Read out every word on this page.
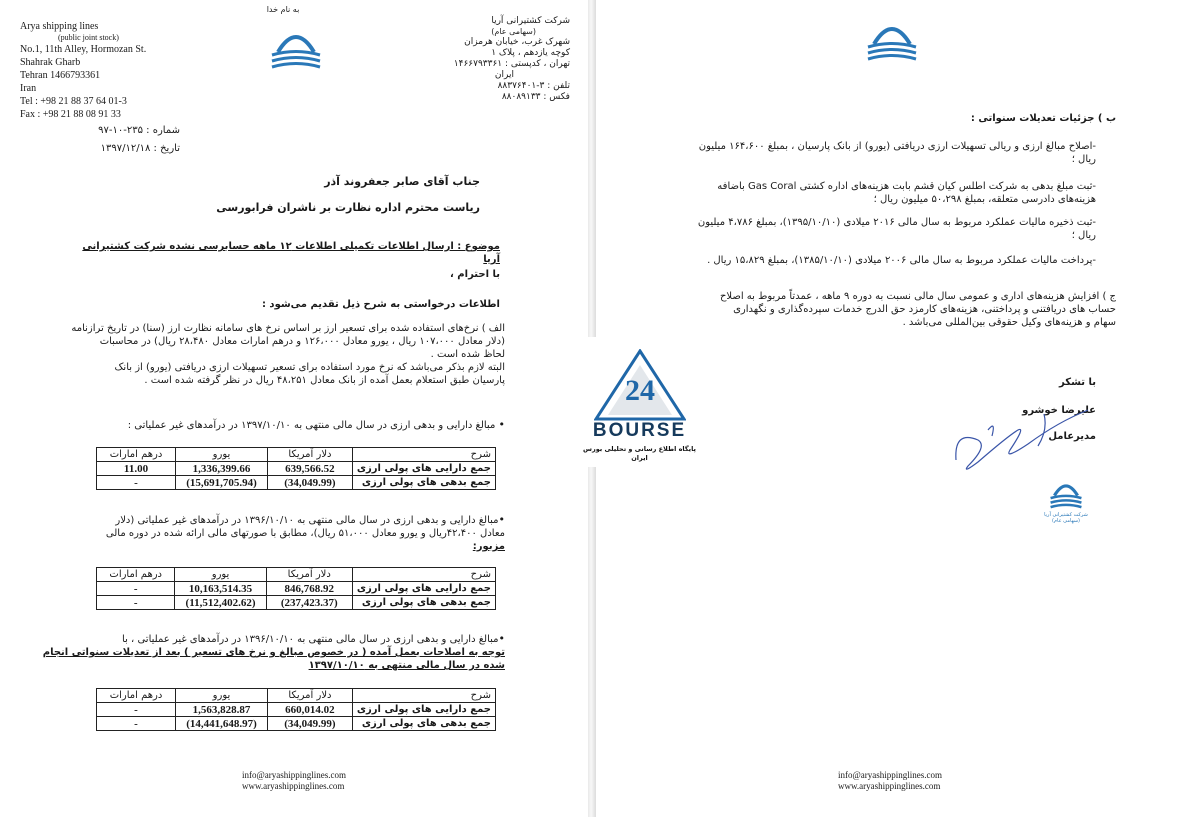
به نام خدا
Arya shipping lines
(public joint stock)
No.1, 11th Alley, Hormozan St.
Shahrak Gharb
Tehran 1466793361
Iran
Tel : +98 21 88 37 64 01-3
Fax : +98 21 88 08 91 33
شرکت کشتیرانی آریا
(سهامی عام)
شهرک غرب، خیابان هرمزان
کوچه یازدهم ، پلاک ۱
تهران ، کدپستی : ۱۴۶۶۷۹۳۳۶۱
ایران
تلفن : ۳-۸۸۳۷۶۴۰۱
فکس : ۸۸۰۸۹۱۳۳
شماره : ۲۳۵-۱۰-۹۷
تاریخ : ۱۳۹۷/۱۲/۱۸
جناب آقای صابر جعفروند آذر
ریاست محترم اداره نظارت بر ناشران فرابورسی
موضوع : ارسال اطلاعات تکمیلی اطلاعات ۱۲ ماهه حسابرسی نشده شرکت کشتیرانی آریا
با احترام ،
اطلاعات درخواستی به شرح ذیل تقدیم می‌شود :
الف ) نرخ‌های استفاده شده برای تسعیر ارز بر اساس نرخ های سامانه نظارت ارز (سنا) در تاریخ ترازنامه
(دلار معادل ۱۰۷،۰۰۰ ریال ، یورو معادل ۱۲۶،۰۰۰ و درهم امارات معادل ۲۸،۴۸۰ ریال) در محاسبات
لحاظ شده است .
البته لازم بذکر می‌باشد که نرخ مورد استفاده برای تسعیر تسهیلات ارزی دریافتی (یورو) از بانک
پارسیان طبق استعلام بعمل آمده از بانک معادل ۴۸،۲۵۱ ریال در نظر گرفته شده است .
• مبالغ دارایی و بدهی ارزی در سال مالی منتهی به ۱۳۹۷/۱۰/۱۰ در درآمدهای غیر عملیاتی :
درهم امارات	یورو	دلار آمریکا	شرح
11.00	1,336,399.66	639,566.52	جمع دارایی های پولی ارزی
-	(15,691,705.94)	(34,049.99)	جمع بدهی های پولی ارزی
•مبالغ دارایی و بدهی ارزی در سال مالی منتهی به ۱۳۹۶/۱۰/۱۰ در درآمدهای غیر عملیاتی (دلار
معادل ۴۲،۴۰۰ریال و یورو معادل ۵۱،۰۰۰ ریال)، مطابق با صورتهای مالی ارائه شده در دوره مالی
مزبور:
درهم امارات	یورو	دلار آمریکا	شرح
-	10,163,514.35	846,768.92	جمع دارایی های پولی ارزی
-	(11,512,402.62)	(237,423.37)	جمع بدهی های پولی ارزی
•مبالغ دارایی و بدهی ارزی در سال مالی منتهی به ۱۳۹۶/۱۰/۱۰ در درآمدهای غیر عملیاتی ، با
توجه به اصلاحات بعمل آمده ( در خصوص مبالغ و نرخ های تسعیر ) بعد از تعدیلات سنواتی انجام
شده در سال مالی منتهی به ۱۳۹۷/۱۰/۱۰
درهم امارات	یورو	دلار آمریکا	شرح
-	1,563,828.87	660,014.02	جمع دارایی های پولی ارزی
-	(14,441,648.97)	(34,049.99)	جمع بدهی های پولی ارزی
info@aryashippinglines.com
www.aryashippinglines.com
ب ) جزئیات تعدیلات سنواتی :
-اصلاح مبالغ ارزی و ریالی تسهیلات ارزی دریافتی (یورو) از بانک پارسیان ، بمبلغ ۱۶۴،۶۰۰ میلیون
ریال ؛
-ثبت مبلغ بدهی به شرکت اطلس کیان قشم بابت هزینه‌های اداره کشتی Gas Coral باضافه
هزینه‌های دادرسی متعلقه، بمبلغ ۵۰،۲۹۸ میلیون ریال ؛
-ثبت ذخیره مالیات عملکرد مربوط به سال مالی ۲۰۱۶ میلادی (۱۳۹۵/۱۰/۱۰)، بمبلغ ۴،۷۸۶ میلیون
ریال ؛
-پرداخت مالیات عملکرد مربوط به سال مالی ۲۰۰۶ میلادی (۱۳۸۵/۱۰/۱۰)، بمبلغ ۱۵،۸۲۹ ریال .
ج ) افزایش هزینه‌های اداری و عمومی سال مالی نسبت به دوره ۹ ماهه ، عمدتاً مربوط به اصلاح
حساب های دریافتنی و پرداختنی، هزینه‌های کارمزد حق الدرج خدمات سپرده‌گذاری و نگهداری
سهام و هزینه‌های وکیل حقوقی بین‌المللی می‌باشد .
با تشکر
علیرضا خوشرو
مدیرعامل
شرکت کشتیرانی آریا (سهامی عام)
info@aryashippinglines.com
www.aryashippinglines.com
24
BOURSE
پایگاه اطلاع رسانی و تحلیلی بورس ایران
